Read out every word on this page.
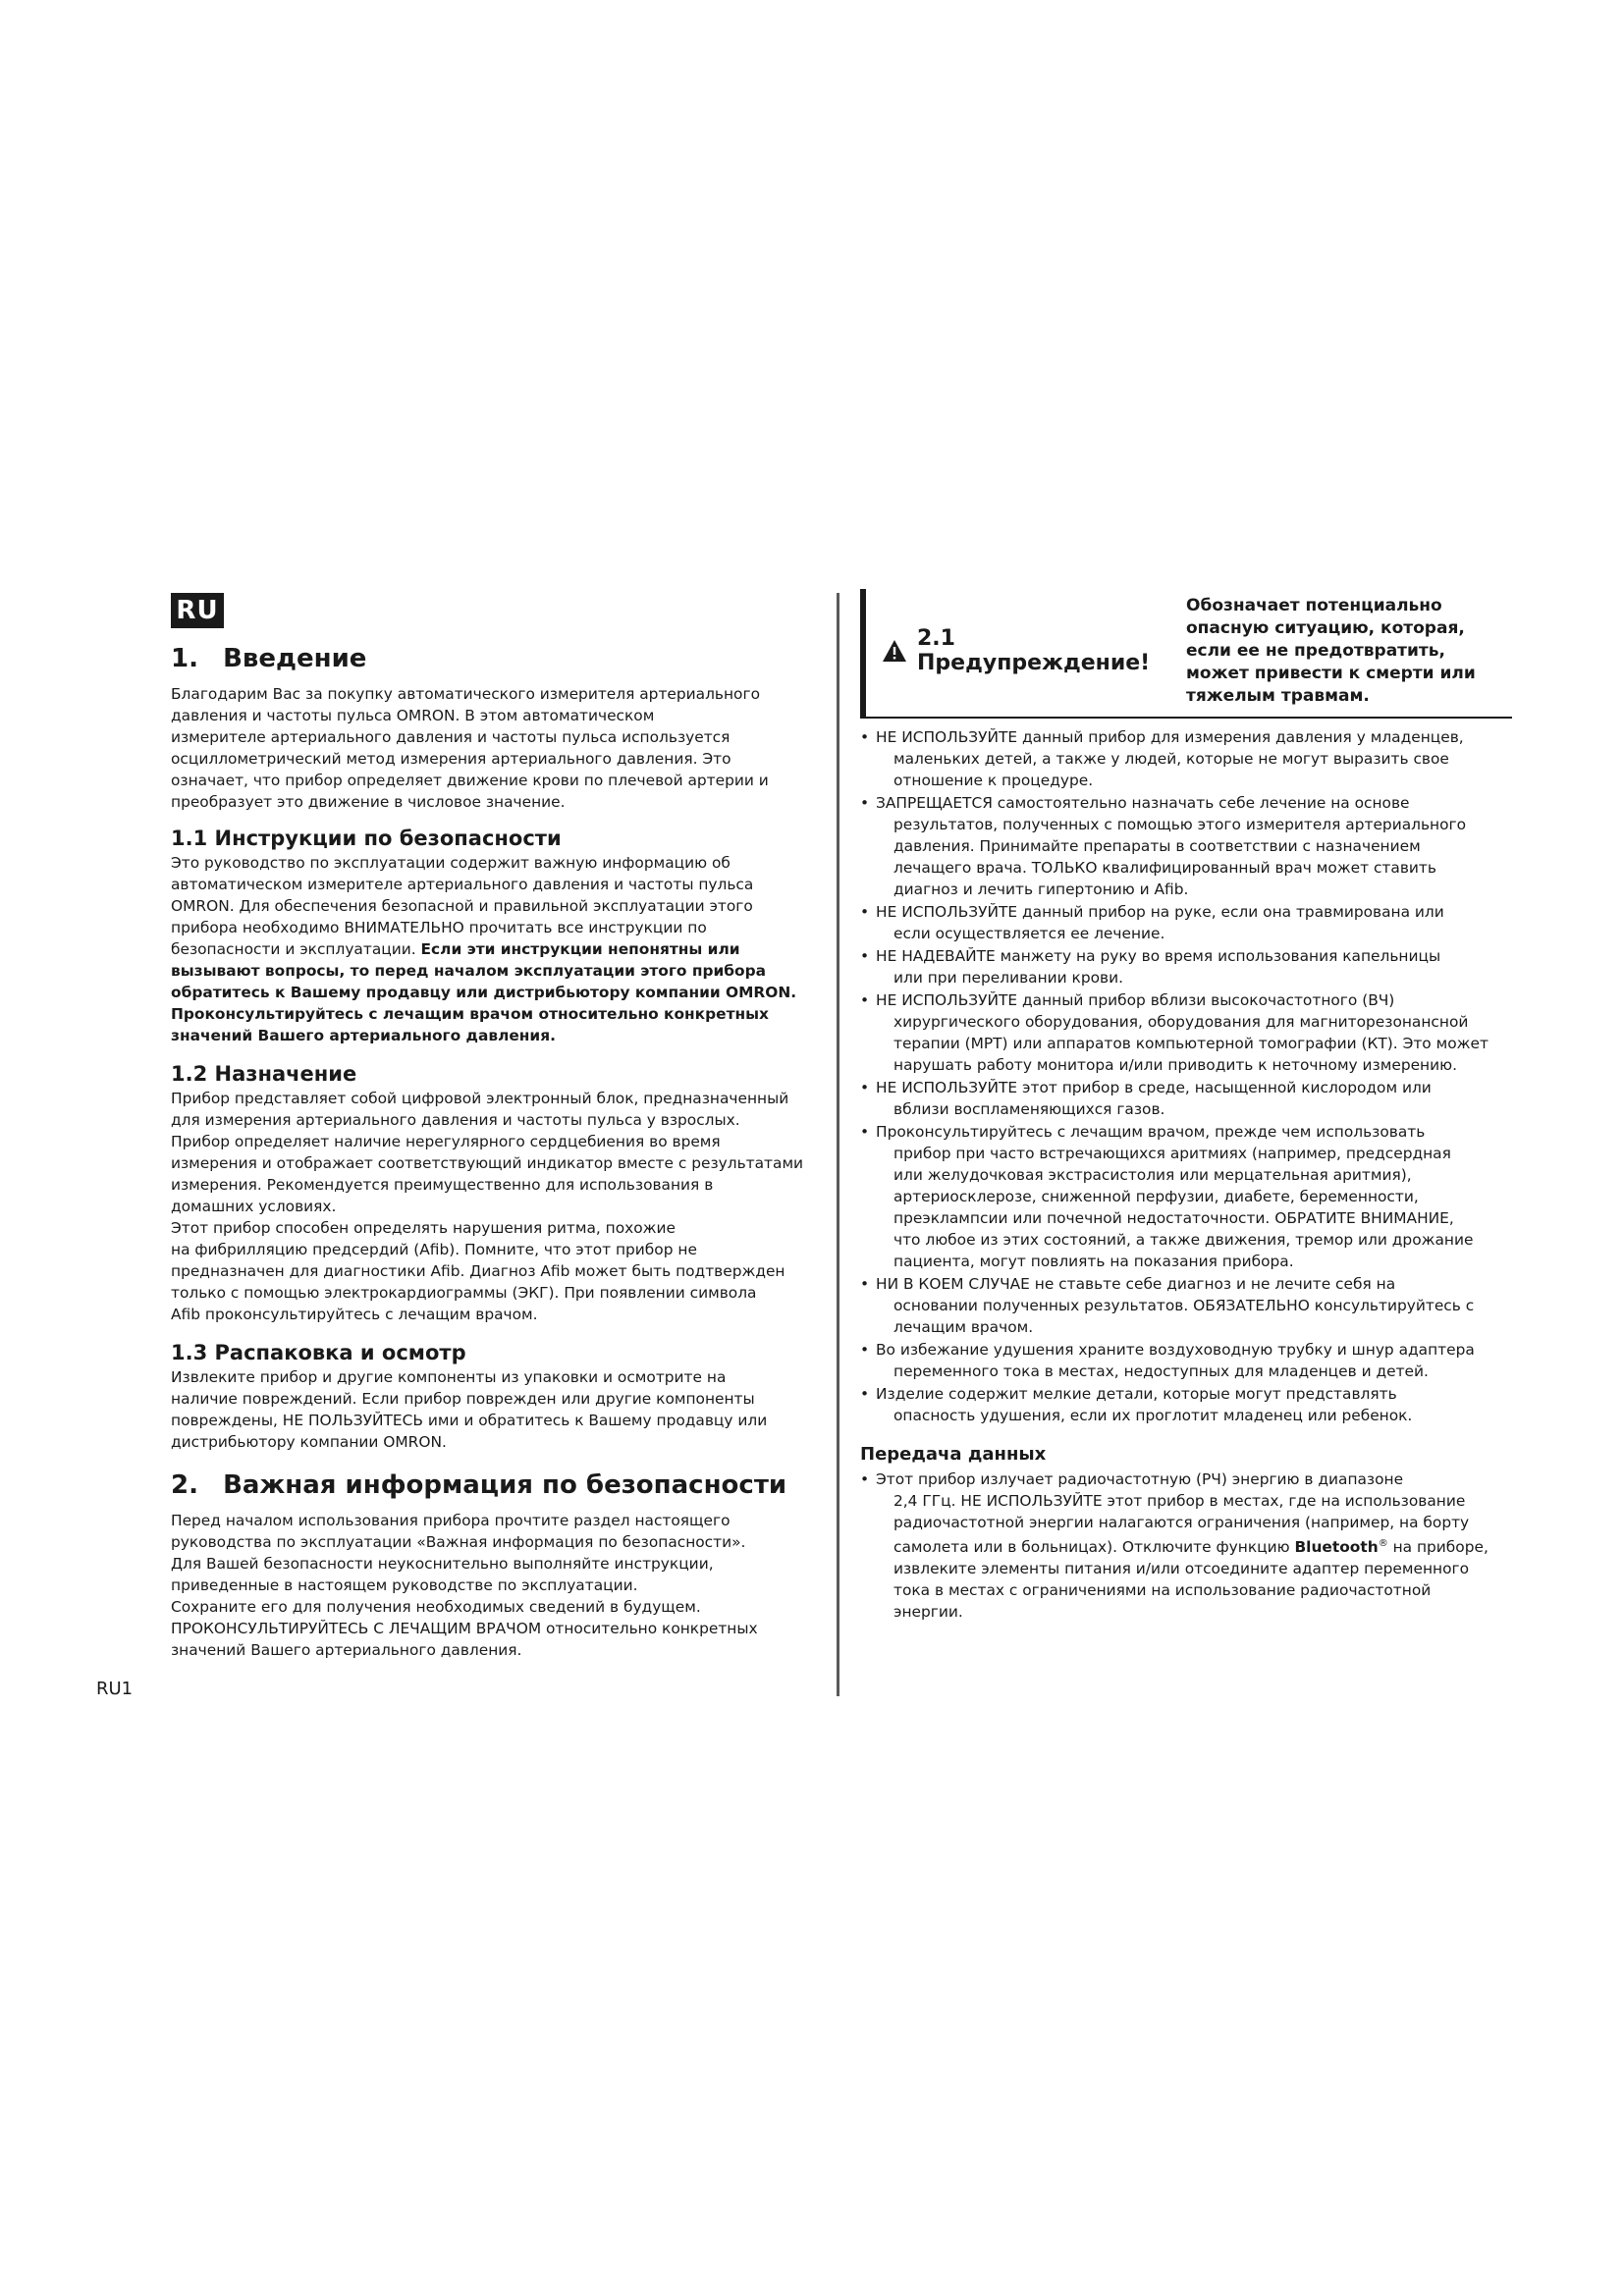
RU
1. Введение

Благодарим Вас за покупку автоматического измерителя артериального

давления и частоты пульса OMRON. В этом автоматическом

измерителе артериального давления и частоты пульса используется

осциллометрический метод измерения артериального давления. Это

означает, что прибор определяет движение крови по плечевой артерии и

преобразует это движение в числовое значение.

1.1 Инструкции по безопасности

Это руководство по эксплуатации содержит важную информацию об

автоматическом измерителе артериального давления и частоты пульса

OMRON. Для обеспечения безопасной и правильной эксплуатации этого

прибора необходимо ВНИМАТЕЛЬНО прочитать все инструкции по

безопасности и эксплуатации. Если эти инструкции непонятны или

вызывают вопросы, то перед началом эксплуатации этого прибора

обратитесь к Вашему продавцу или дистрибьютору компании OMRON.

Проконсультируйтесь с лечащим врачом относительно конкретных

значений Вашего артериального давления.

1.2 Назначение

Прибор представляет собой цифровой электронный блок, предназначенный

для измерения артериального давления и частоты пульса у взрослых.

Прибор определяет наличие нерегулярного сердцебиения во время

измерения и отображает соответствующий индикатор вместе с результатами

измерения. Рекомендуется преимущественно для использования в

домашних условиях.

Этот прибор способен определять нарушения ритма, похожие

на фибрилляцию предсердий (Afib). Помните, что этот прибор не

предназначен для диагностики Afib. Диагноз Afib может быть подтвержден

только с помощью электрокардиограммы (ЭКГ). При появлении символа

Afib проконсультируйтесь с лечащим врачом.

1.3 Распаковка и осмотр

Извлеките прибор и другие компоненты из упаковки и осмотрите на

наличие повреждений. Если прибор поврежден или другие компоненты

повреждены, НЕ ПОЛЬЗУЙТЕСЬ ими и обратитесь к Вашему продавцу или

дистрибьютору компании OMRON.

2. Важная информация по безопасности

Перед началом использования прибора прочтите раздел настоящего

руководства по эксплуатации «Важная информация по безопасности».

Для Вашей безопасности неукоснительно выполняйте инструкции,

приведенные в настоящем руководстве по эксплуатации.

Сохраните его для получения необходимых сведений в будущем.

ПРОКОНСУЛЬТИРУЙТЕСЬ С ЛЕЧАЩИМ ВРАЧОМ относительно конкретных

значений Вашего артериального давления.

2.1 Предупреждение!
Обозначает потенциально
опасную ситуацию, которая,
если ее не предотвратить,
может привести к смерти или
тяжелым травмам.
• НЕ ИСПОЛЬЗУЙТЕ данный прибор для измерения давления у младенцев,
маленьких детей, а также у людей, которые не могут выразить свое
отношение к процедуре.
• ЗАПРЕЩАЕТСЯ самостоятельно назначать себе лечение на основе
результатов, полученных с помощью этого измерителя артериального
давления. Принимайте препараты в соответствии с назначением
лечащего врача. ТОЛЬКО квалифицированный врач может ставить
диагноз и лечить гипертонию и Afib.
• НЕ ИСПОЛЬЗУЙТЕ данный прибор на руке, если она травмирована или
если осуществляется ее лечение.
• НЕ НАДЕВАЙТЕ манжету на руку во время использования капельницы
или при переливании крови.
• НЕ ИСПОЛЬЗУЙТЕ данный прибор вблизи высокочастотного (ВЧ)
хирургического оборудования, оборудования для магниторезонансной
терапии (МРТ) или аппаратов компьютерной томографии (КТ). Это может
нарушать работу монитора и/или приводить к неточному измерению.
• НЕ ИСПОЛЬЗУЙТЕ этот прибор в среде, насыщенной кислородом или
вблизи воспламеняющихся газов.
• Проконсультируйтесь с лечащим врачом, прежде чем использовать
прибор при часто встречающихся аритмиях (например, предсердная
или желудочковая экстрасистолия или мерцательная аритмия),
артериосклерозе, сниженной перфузии, диабете, беременности,
преэклампсии или почечной недостаточности. ОБРАТИТЕ ВНИМАНИЕ,
что любое из этих состояний, а также движения, тремор или дрожание
пациента, могут повлиять на показания прибора.
• НИ В КОЕМ СЛУЧАЕ не ставьте себе диагноз и не лечите себя на
основании полученных результатов. ОБЯЗАТЕЛЬНО консультируйтесь с
лечащим врачом.
• Во избежание удушения храните воздуховодную трубку и шнур адаптера
переменного тока в местах, недоступных для младенцев и детей.
• Изделие содержит мелкие детали, которые могут представлять
опасность удушения, если их проглотит младенец или ребенок.
Передача данных
• Этот прибор излучает радиочастотную (РЧ) энергию в диапазоне
2,4 ГГц. НЕ ИСПОЛЬЗУЙТЕ этот прибор в местах, где на использование
радиочастотной энергии налагаются ограничения (например, на борту
самолета или в больницах). Отключите функцию Bluetooth® на приборе,
извлеките элементы питания и/или отсоедините адаптер переменного
тока в местах с ограничениями на использование радиочастотной
энергии.
RU1
